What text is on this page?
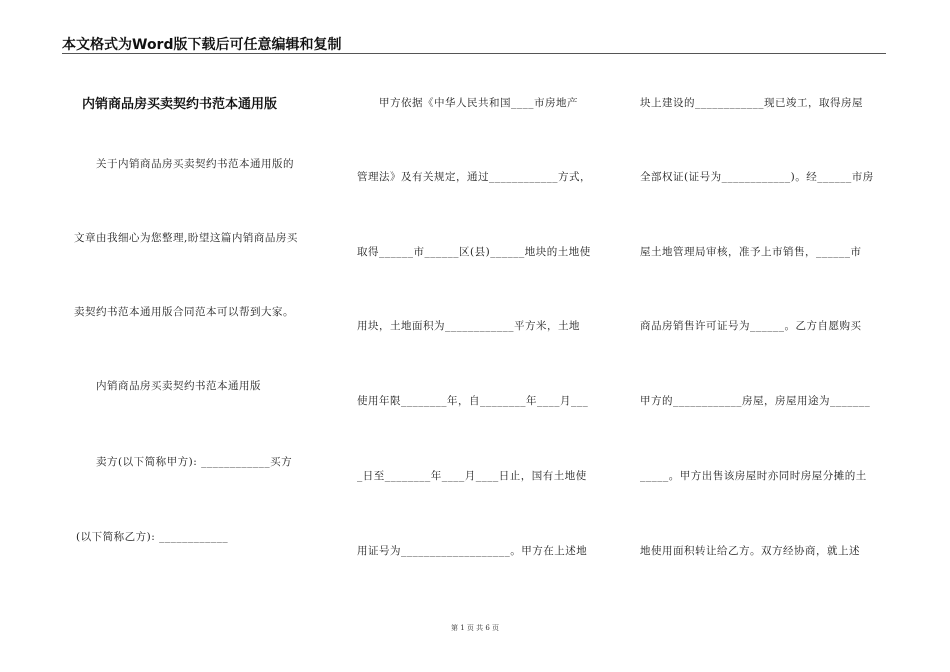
本文格式为Word版下载后可任意编辑和复制
内销商品房买卖契约书范本通用版
　　关于内销商品房买卖契约书范本通用版的
文章由我细心为您整理,盼望这篇内销商品房买
卖契约书范本通用版合同范本可以帮到大家。
　　内销商品房买卖契约书范本通用版
　　卖方(以下简称甲方): ____________买方
(以下简称乙方): ____________
　　甲方依据《中华人民共和国____市房地产
管理法》及有关规定，通过____________方式，
取得______市______区(县)______地块的土地使
用块，土地面积为____________平方米，土地
使用年限________年，自________年____月___
_日至________年____月____日止，国有土地使
用证号为___________________。甲方在上述地
块上建设的____________现已竣工，取得房屋
全部权证(证号为____________)。经______市房
屋土地管理局审核，准予上市销售，______市
商品房销售许可证号为______。乙方自愿购买
甲方的____________房屋，房屋用途为_______
_____。甲方出售该房屋时亦同时房屋分摊的土
地使用面积转让给乙方。双方经协商，就上述
第 1 页 共 6 页
